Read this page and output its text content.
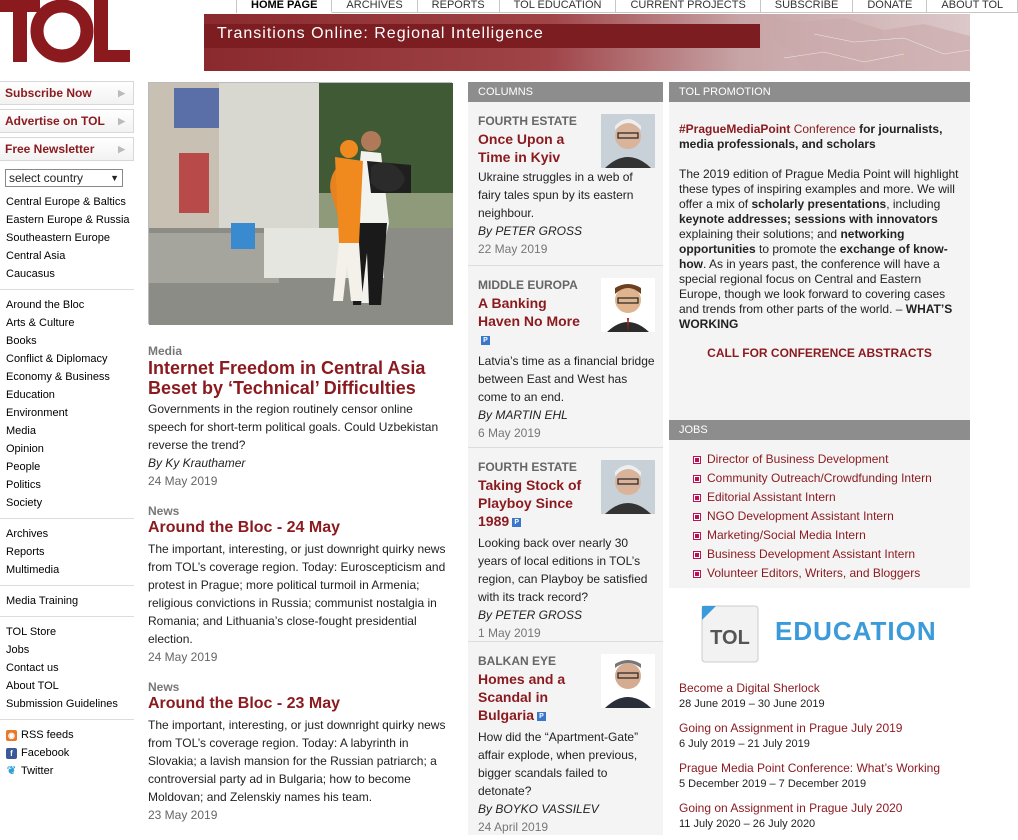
HOME PAGE	ARCHIVES	REPORTS	TOL EDUCATION	CURRENT PROJECTS	SUBSCRIBE	DONATE	ABOUT TOL
Transitions Online: Regional Intelligence
Subscribe Now	▶
Advertise on TOL ▶
Free Newsletter	▶
select country	▼
Central Europe & Baltics
Eastern Europe & Russia
Southeastern Europe
Central Asia
Caucasus
Around the Bloc
Arts & Culture
Books
Conflict & Diplomacy
Economy & Business
Education
Environment
Media
Opinion
People
Politics
Society
Archives
Reports
Multimedia
Media Training
TOL Store
Jobs
Contact us
About TOL
Submission Guidelines
◉ RSS feeds
f Facebook
❦ Twitter
Media
Internet Freedom in Central Asia Beset by ‘Technical’ Difficulties
Governments in the region routinely censor online speech for short-term political goals. Could Uzbekistan reverse the trend?
By Ky Krauthamer
24 May 2019
News
Around the Bloc - 24 May
The important, interesting, or just downright quirky news from TOL’s coverage region. Today: Euroscepticism and protest in Prague; more political turmoil in Armenia; religious convictions in Russia; communist nostalgia in Romania; and Lithuania’s close-fought presidential election.
24 May 2019
News
Around the Bloc - 23 May
The important, interesting, or just downright quirky news from TOL’s coverage region. Today: A labyrinth in Slovakia; a lavish mansion for the Russian patriarch; a controversial party ad in Bulgaria; how to become Moldovan; and Zelenskiy names his team.
23 May 2019
COLUMNS
FOURTH ESTATE
Once Upon a Time in Kyiv
Ukraine struggles in a web of fairy tales spun by its eastern neighbour.
By PETER GROSS
22 May 2019
MIDDLE EUROPA
A Banking Haven No More
P
Latvia’s time as a financial bridge between East and West has come to an end.
By MARTIN EHL
6 May 2019
FOURTH ESTATE
Taking Stock of Playboy Since 1989 P
Looking back over nearly 30 years of local editions in TOL’s region, can Playboy be satisfied with its track record?
By PETER GROSS
1 May 2019
BALKAN EYE
Homes and a Scandal in Bulgaria P
How did the “Apartment-Gate” affair explode, when previous, bigger scandals failed to detonate?
By BOYKO VASSILEV
24 April 2019
TOL PROMOTION
#PragueMediaPoint Conference for journalists, media professionals, and scholars
The 2019 edition of Prague Media Point will highlight these types of inspiring examples and more. We will offer a mix of scholarly presentations, including keynote addresses; sessions with innovators explaining their solutions; and networking opportunities to promote the exchange of know-how. As in years past, the conference will have a special regional focus on Central and Eastern Europe, though we look forward to covering cases and trends from other parts of the world. – WHAT’S WORKING
CALL FOR CONFERENCE ABSTRACTS
JOBS
Director of Business Development
Community Outreach/Crowdfunding Intern
Editorial Assistant Intern
NGO Development Assistant Intern
Marketing/Social Media Intern
Business Development Assistant Intern
Volunteer Editors, Writers, and Bloggers
TOL EDUCATION
Become a Digital Sherlock
28 June 2019 – 30 June 2019
Going on Assignment in Prague July 2019
6 July 2019 – 21 July 2019
Prague Media Point Conference: What’s Working
5 December 2019 – 7 December 2019
Going on Assignment in Prague July 2020
11 July 2020 – 26 July 2020
